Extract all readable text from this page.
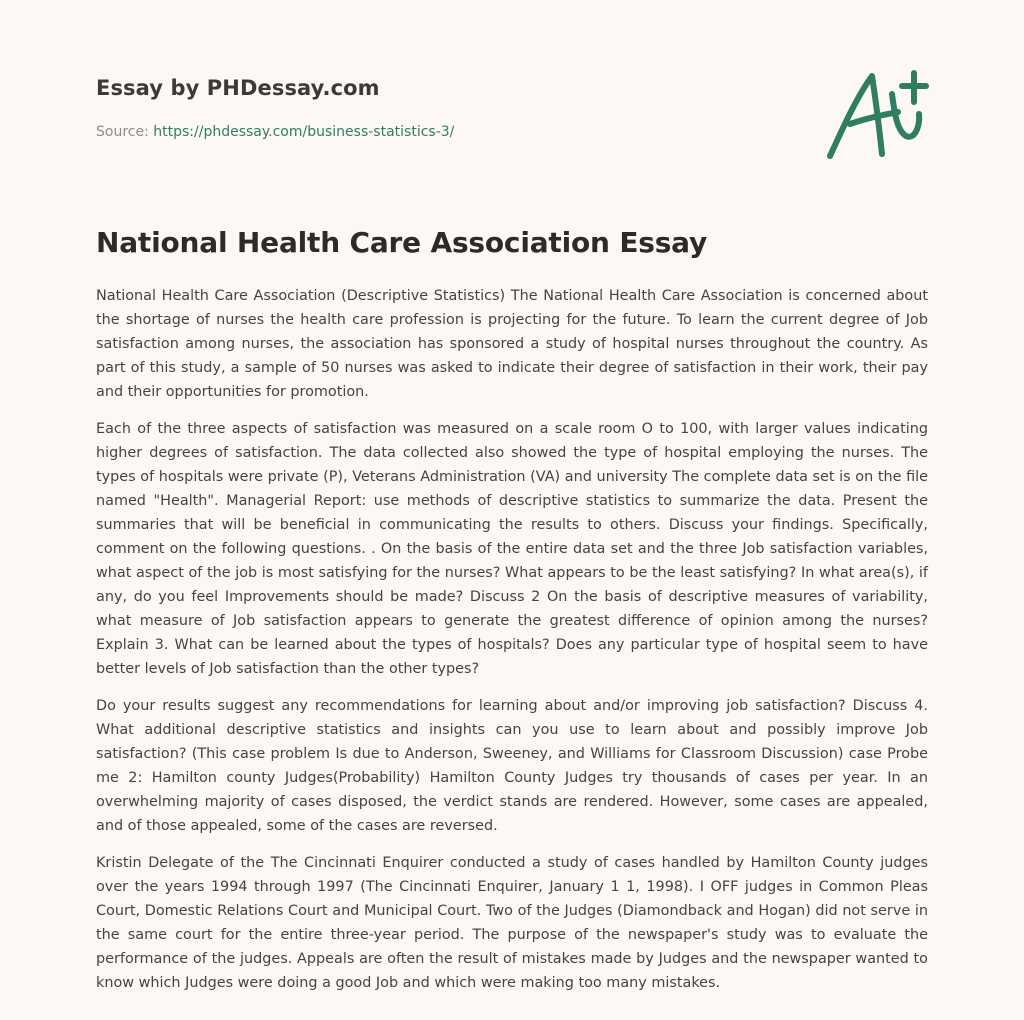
Essay by PHDessay.com
Source: https://phdessay.com/business-statistics-3/
National Health Care Association Essay

National Health Care Association (Descriptive Statistics) The National Health Care Association is concerned about the shortage of nurses the health care profession is projecting for the future. To learn the current degree of Job satisfaction among nurses, the association has sponsored a study of hospital nurses throughout the country. As part of this study, a sample of 50 nurses was asked to indicate their degree of satisfaction in their work, their pay and their opportunities for promotion.

Each of the three aspects of satisfaction was measured on a scale room O to 100, with larger values indicating higher degrees of satisfaction. The data collected also showed the type of hospital employing the nurses. The types of hospitals were private (P), Veterans Administration (VA) and university The complete data set is on the file named "Health". Managerial Report: use methods of descriptive statistics to summarize the data. Present the summaries that will be beneficial in communicating the results to others. Discuss your findings. Specifically, comment on the following questions. . On the basis of the entire data set and the three Job satisfaction variables, what aspect of the job is most satisfying for the nurses? What appears to be the least satisfying? In what area(s), if any, do you feel Improvements should be made? Discuss 2 On the basis of descriptive measures of variability, what measure of Job satisfaction appears to generate the greatest difference of opinion among the nurses? Explain 3. What can be learned about the types of hospitals? Does any particular type of hospital seem to have better levels of Job satisfaction than the other types?

Do your results suggest any recommendations for learning about and/or improving job satisfaction? Discuss 4. What additional descriptive statistics and insights can you use to learn about and possibly improve Job satisfaction? (This case problem Is due to Anderson, Sweeney, and Williams for Classroom Discussion) case Probe me 2: Hamilton county Judges(Probability) Hamilton County Judges try thousands of cases per year. In an overwhelming majority of cases disposed, the verdict stands are rendered. However, some cases are appealed, and of those appealed, some of the cases are reversed.

Kristin Delegate of the The Cincinnati Enquirer conducted a study of cases handled by Hamilton County judges over the years 1994 through 1997 (The Cincinnati Enquirer, January 1 1, 1998). I OFF judges in Common Pleas Court, Domestic Relations Court and Municipal Court. Two of the Judges (Diamondback and Hogan) did not serve in the same court for the entire three-year period. The purpose of the newspaper's study was to evaluate the performance of the judges. Appeals are often the result of mistakes made by Judges and the newspaper wanted to know which Judges were doing a good Job and which were making too many mistakes.
